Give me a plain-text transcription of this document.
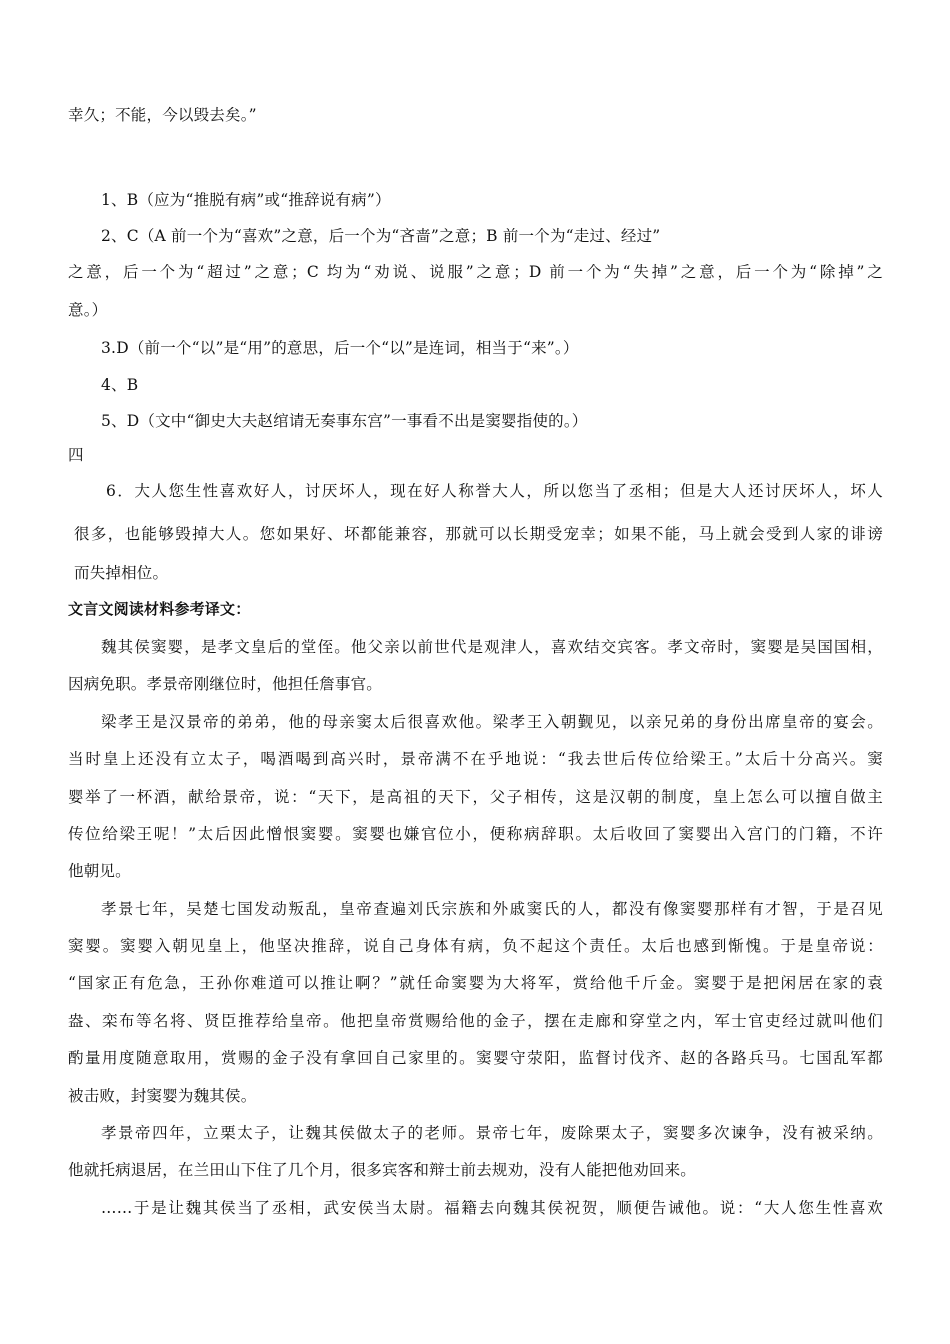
幸久；不能，今以毁去矣。”
1、B（应为“推脱有病”或“推辞说有病”）
2、C（A 前一个为“喜欢”之意，后一个为“吝啬”之意；B 前一个为“走过、经过”
之意，后一个为“超过”之意；C 均为“劝说、说服”之意；D 前一个为“失掉”之意，后一个为“除掉”之
意。）
3.D（前一个“以”是“用”的意思，后一个“以”是连词，相当于“来”。）
4、B
5、D（文中“御史大夫赵绾请无奏事东宫”一事看不出是窦婴指使的。）
四
6．大人您生性喜欢好人，讨厌坏人，现在好人称誉大人，所以您当了丞相；但是大人还讨厌坏人，坏人
很多，也能够毁掉大人。您如果好、坏都能兼容，那就可以长期受宠幸；如果不能，马上就会受到人家的诽谤
而失掉相位。
文言文阅读材料参考译文：
魏其侯窦婴，是孝文皇后的堂侄。他父亲以前世代是观津人，喜欢结交宾客。孝文帝时，窦婴是吴国国相，
因病免职。孝景帝刚继位时，他担任詹事官。
梁孝王是汉景帝的弟弟，他的母亲窦太后很喜欢他。梁孝王入朝觐见，以亲兄弟的身份出席皇帝的宴会。
当时皇上还没有立太子，喝酒喝到高兴时，景帝满不在乎地说：“我去世后传位给梁王。”太后十分高兴。窦
婴举了一杯酒，献给景帝，说：“天下，是高祖的天下，父子相传，这是汉朝的制度，皇上怎么可以擅自做主
传位给梁王呢！”太后因此憎恨窦婴。窦婴也嫌官位小，便称病辞职。太后收回了窦婴出入宫门的门籍，不许
他朝见。
孝景七年，吴楚七国发动叛乱，皇帝查遍刘氏宗族和外戚窦氏的人，都没有像窦婴那样有才智，于是召见
窦婴。窦婴入朝见皇上，他坚决推辞，说自己身体有病，负不起这个责任。太后也感到惭愧。于是皇帝说：
“国家正有危急，王孙你难道可以推让啊？”就任命窦婴为大将军，赏给他千斤金。窦婴于是把闲居在家的袁
盎、栾布等名将、贤臣推荐给皇帝。他把皇帝赏赐给他的金子，摆在走廊和穿堂之内，军士官吏经过就叫他们
酌量用度随意取用，赏赐的金子没有拿回自己家里的。窦婴守荥阳，监督讨伐齐、赵的各路兵马。七国乱军都
被击败，封窦婴为魏其侯。
孝景帝四年，立栗太子，让魏其侯做太子的老师。景帝七年，废除栗太子，窦婴多次谏争，没有被采纳。
他就托病退居，在兰田山下住了几个月，很多宾客和辩士前去规劝，没有人能把他劝回来。
……于是让魏其侯当了丞相，武安侯当太尉。福籍去向魏其侯祝贺，顺便告诫他。说：“大人您生性喜欢
